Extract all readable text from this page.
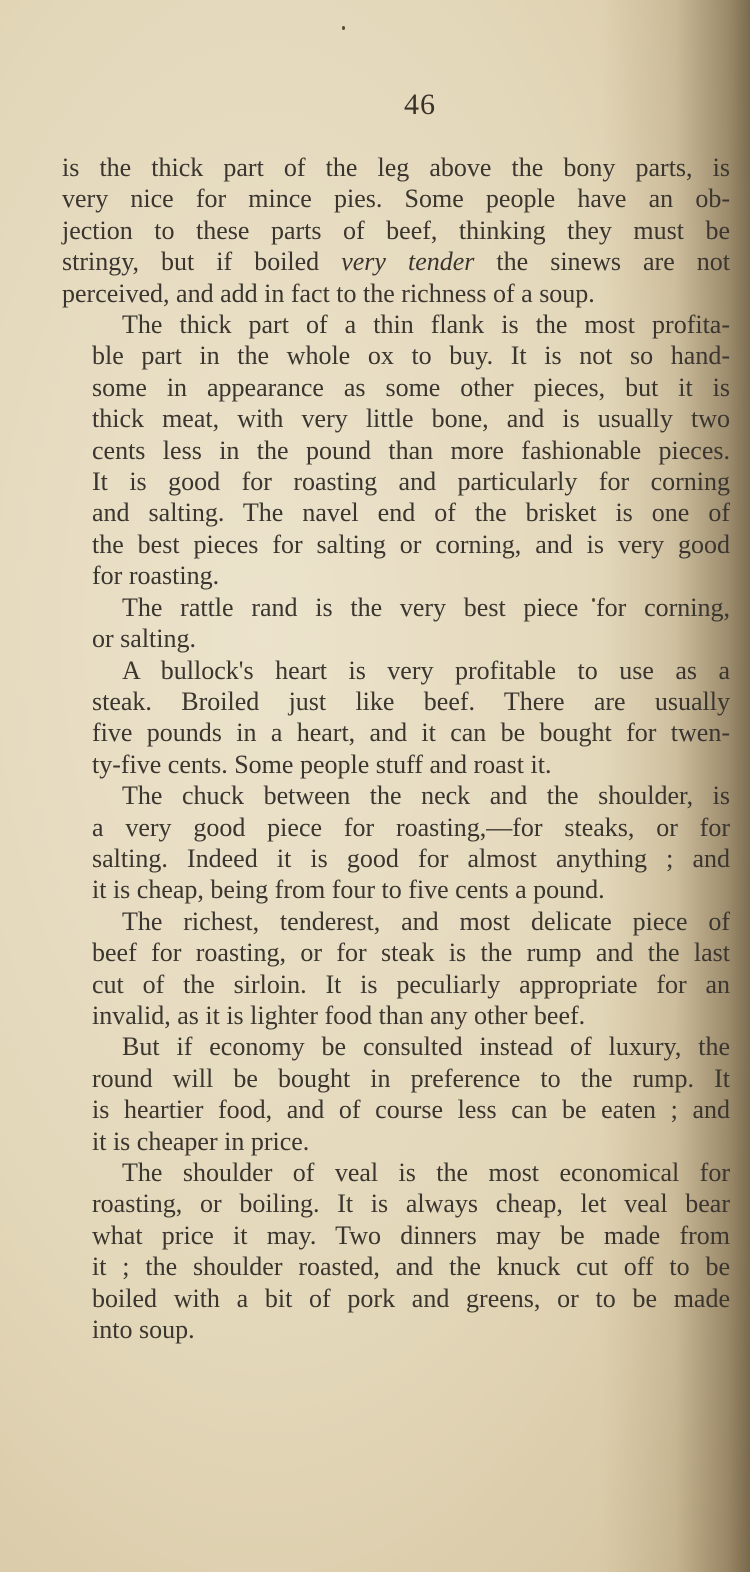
46

is the thick part of the leg above the bony parts, is
very nice for mince pies. Some people have an ob-
jection to these parts of beef, thinking they must be
stringy, but if boiled very tender the sinews are not
perceived, and add in fact to the richness of a soup.

The thick part of a thin flank is the most profita-
ble part in the whole ox to buy. It is not so hand-
some in appearance as some other pieces, but it is
thick meat, with very little bone, and is usually two
cents less in the pound than more fashionable pieces.
It is good for roasting and particularly for corning
and salting. The navel end of the brisket is one of
the best pieces for salting or corning, and is very good
for roasting.

The rattle rand is the very best piece for corning,
or salting.

A bullock's heart is very profitable to use as a
steak. Broiled just like beef. There are usually
five pounds in a heart, and it can be bought for twen-
ty-five cents. Some people stuff and roast it.

The chuck between the neck and the shoulder, is
a very good piece for roasting,—for steaks, or for
salting. Indeed it is good for almost anything ; and
it is cheap, being from four to five cents a pound.

The richest, tenderest, and most delicate piece of
beef for roasting, or for steak is the rump and the last
cut of the sirloin. It is peculiarly appropriate for an
invalid, as it is lighter food than any other beef.

But if economy be consulted instead of luxury, the
round will be bought in preference to the rump. It
is heartier food, and of course less can be eaten ; and
it is cheaper in price.

The shoulder of veal is the most economical for
roasting, or boiling. It is always cheap, let veal bear
what price it may. Two dinners may be made from
it ; the shoulder roasted, and the knuck cut off to be
boiled with a bit of pork and greens, or to be made
into soup.
